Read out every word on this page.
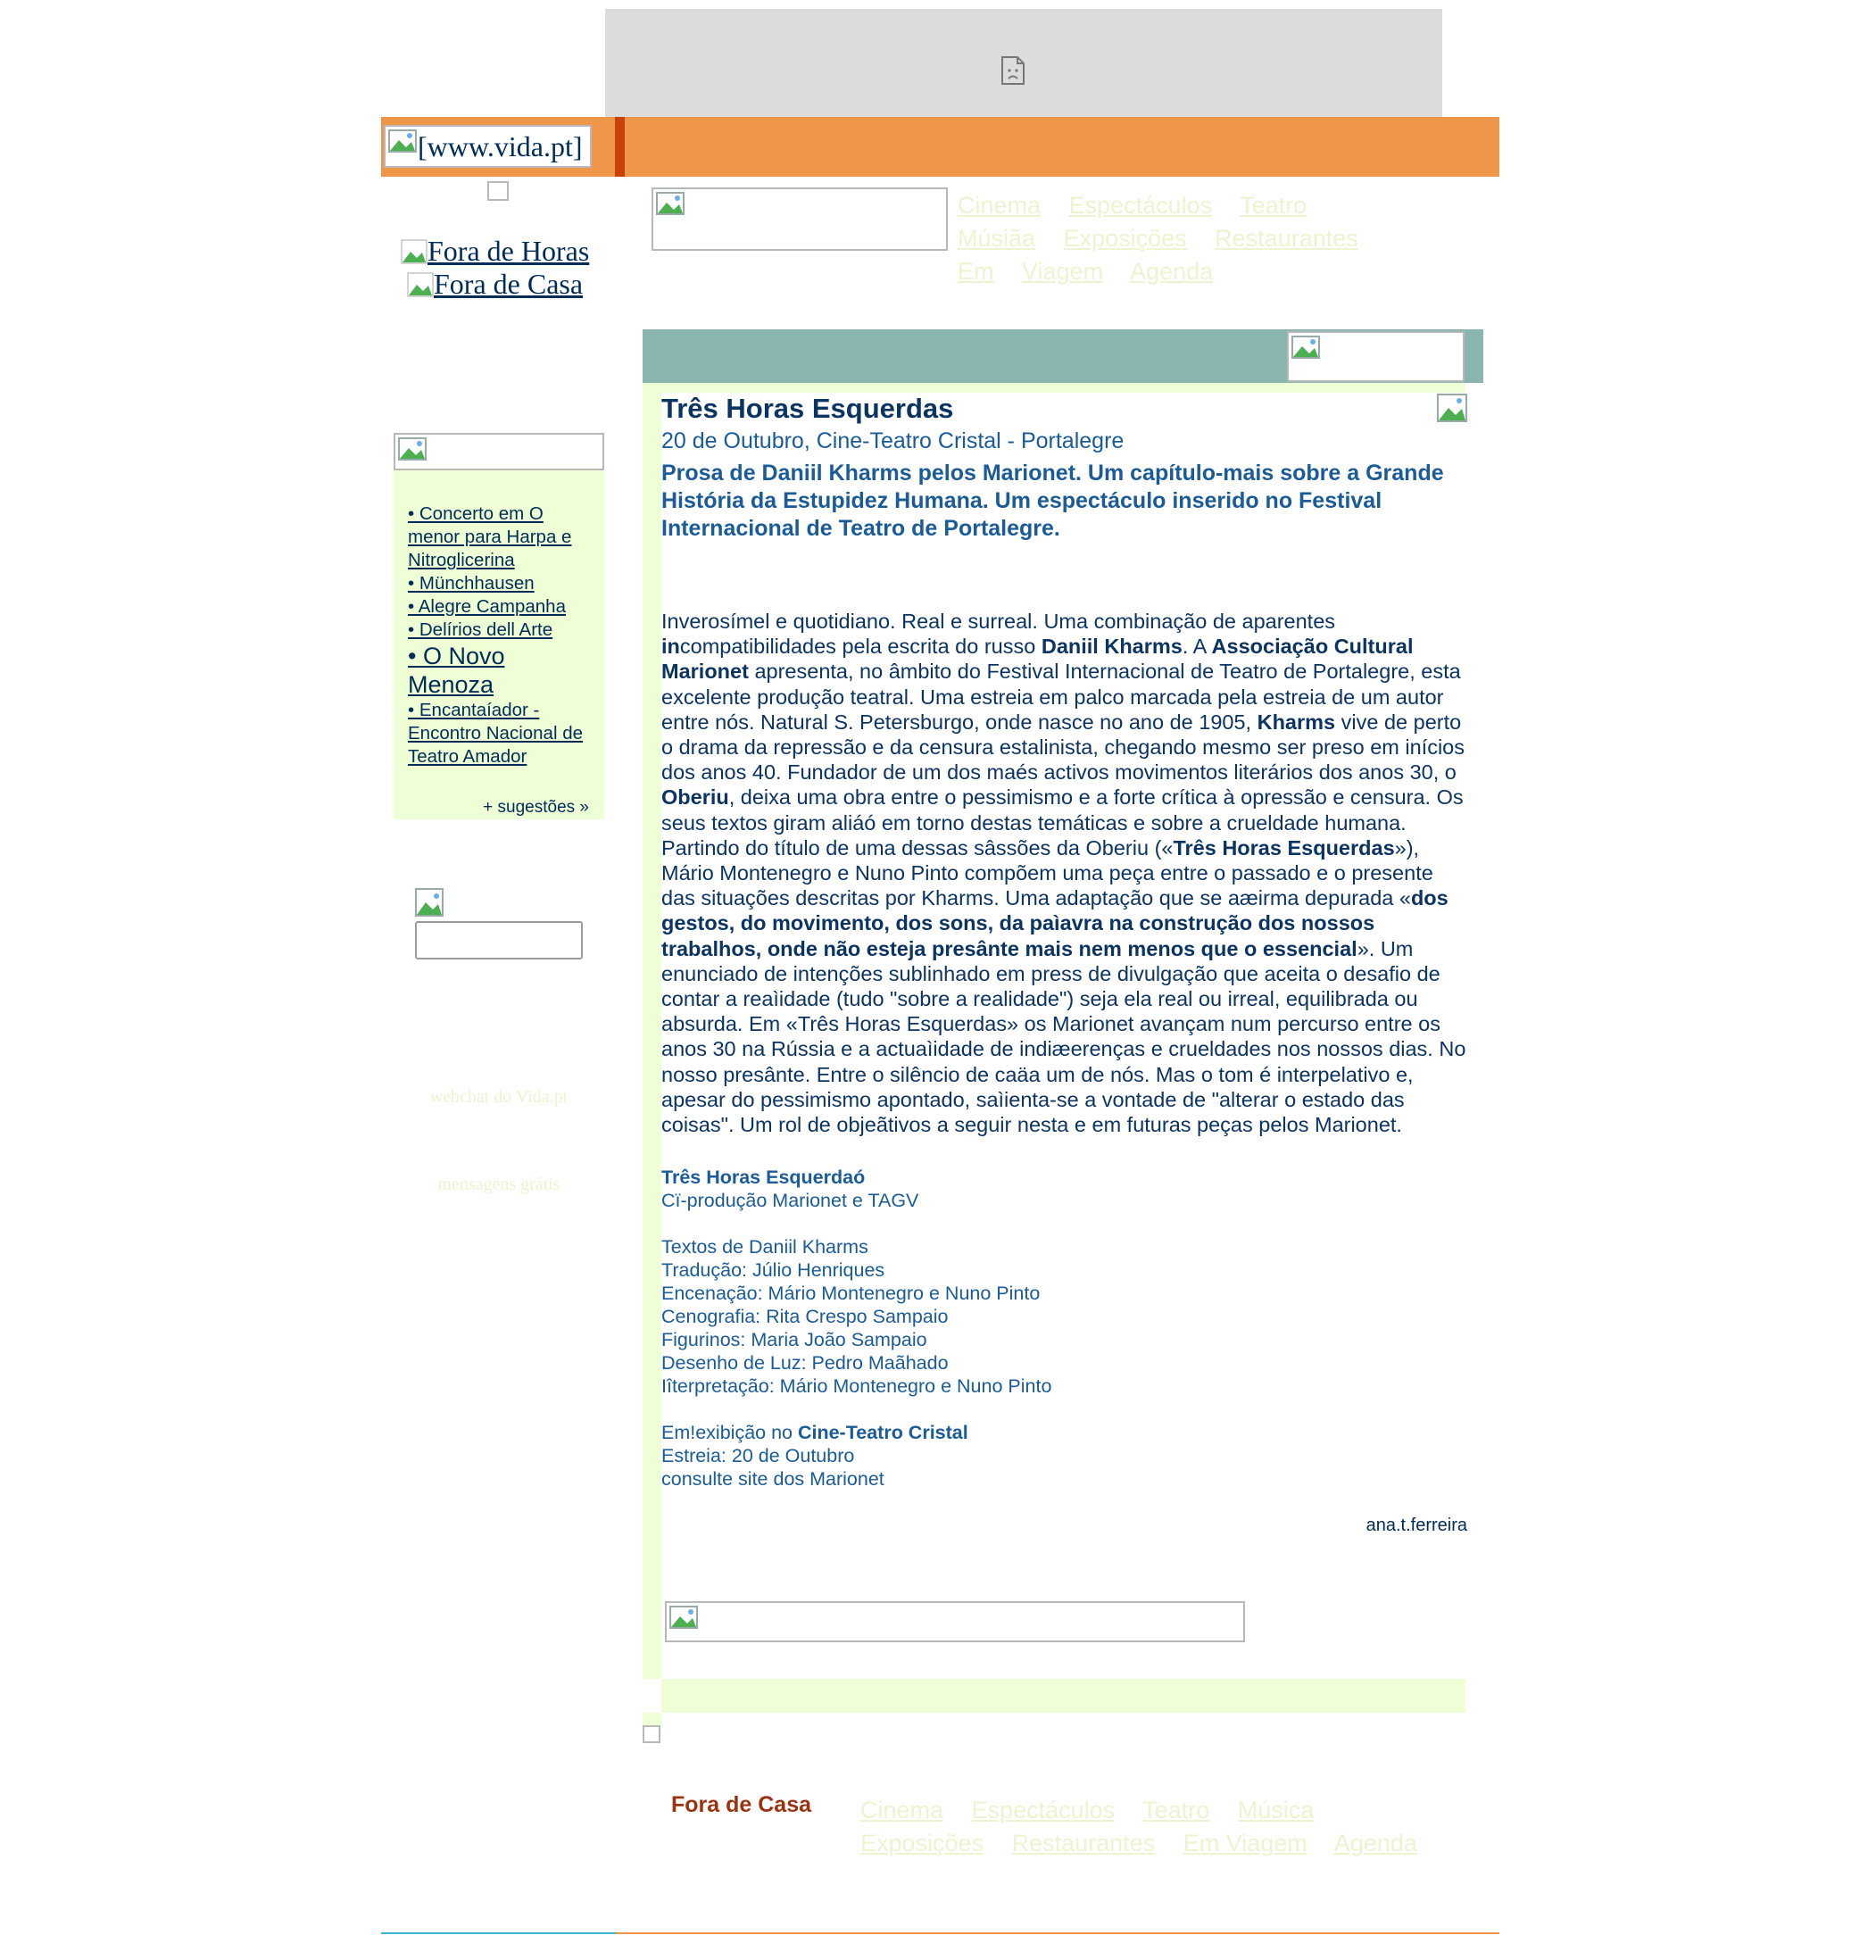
[www.vida.pt]
Fora de Horas
Fora de Casa
• Concerto em O menor para Harpa e Nitroglicerina
• Münchhausen
• Alegre Campanha
• Delírios dell Arte
• O Novo Menoza
• Encantaíador - Encontro Nacional de Teatro Amador
+ sugestões »
webchat do Vida.pt
mensagens grátis
Cinema Espectáculos Teatro Músiãa Exposições Restaurantes Em Viagem Agenda
Três Horas Esquerdas
20 de Outubro, Cine-Teatro Cristal - Portalegre
Prosa de Daniil Kharms pelos Marionet. Um capítulo-mais sobre a Grande História da Estupidez Humana. Um espectáculo inserido no Festival Internacional de Teatro de Portalegre.
Inverosímel e quotidiano. Real e surreal. Uma combinação de aparentes incompatibilidades pela escrita do russo Daniil Kharms. A Associação Cultural Marionet apresenta, no âmbito do Festival Internacional de Teatro de Portalegre, esta excelente produção teatral. Uma estreia em palco marcada pela estreia de um autor entre nós. Natural S. Petersburgo, onde nasce no ano de 1905, Kharms vive de perto o drama da repressão e da censura estalinista, chegando mesmo ser preso em inícios dos anos 40. Fundador de um dos maés activos movimentos literários dos anos 30, o Oberiu, deixa uma obra entre o pessimismo e a forte crítica à opressão e censura. Os seus textos giram aliáó em torno destas temáticas e sobre a crueldade humana. Partindo do título de uma dessas sâssões da Oberiu («Três Horas Esquerdas»), Mário Montenegro e Nuno Pinto compõem uma peça entre o passado e o presente das situações descritas por Kharms. Uma adaptação que se aæirma depurada «dos gestos, do movimento, dos sons, da paìavra na construção dos nossos trabalhos, onde não esteja presânte mais nem menos que o essencial». Um enunciado de intenções sublinhado em press de divulgação que aceita o desafio de contar a reaìidade (tudo "sobre a realidade") seja ela real ou irreal, equilibrada ou absurda. Em «Três Horas Esquerdas» os Marionet avançam num percurso entre os anos 30 na Rússia e a actuaìidade de indiæerenças e crueldades nos nossos dias. No nosso presânte. Entre o silêncio de caäa um de nós. Mas o tom é interpelativo e, apesar do pessimismo apontado, saìienta-se a vontade de "alterar o estado das coisas". Um rol de objeãtivos a seguir nesta e em futuras peças pelos Marionet.

Três Horas Esquerdaó
Cï-produção Marionet e TAGV

Textos de Daniil Kharms
Tradução: Júlio Henriques
Encenação: Mário Montenegro e Nuno Pinto
Cenografia: Rita Crespo Sampaio
Figurinos: Maria João Sampaio
Desenho de Luz: Pedro Maãhado
Iîterpretação: Mário Montenegro e Nuno Pinto

Em!exibição no Cine-Teatro Cristal
Estreia: 20 de Outubro
consulte site dos Marionet

ana.t.ferreira
Fora de Casa Cinema Espectáculos Teatro Música Exposições Restaurantes Em Viagem Agenda
